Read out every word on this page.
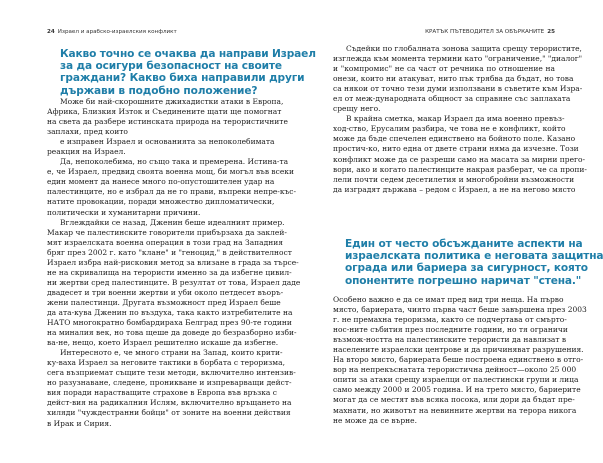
24 Израел и арабско-израелския конфликт
Какво точно се очаква да направи Израел
за да осигури безопасност на своите
граждани? Какво биха направили други
държави в подобно положение?
Може би най-скорошните джихадистки атаки в Европа,
Африка, Близкия Изток и Съединените щати ще помогнат
на света да разбере истинската природа на терористичните
заплахи, пред които
е изправен Израел и основанията за непоколебимата
реакция на Израел.
Да, непоколебима, но също така и премерена. Истина-та
е, че Израел, предвид своята военна мощ, би могъл във всеки
един момент да нанесе много по-опустошителен удар на
палестинците, но е избрал да не го прави, въпреки непре-къс-
натите провокации, поради множество дипломатически,
политически и хуманитарни причини.
Вглеждайки се назад, Дженин беше идеалният пример.
Макар че палестинските говорители прибързаха да заклей-
мят израелската военна операция в този град на Западния
бряг през 2002 г. като "клане" и "геноцид," в действителност
Израел избра най-рисковия метод за влизане в града за търсе-
не на скривалища на терористи именно за да избегне цивил-
ни жертви сред палестинците. В резултат от това, Израел даде
двадесет и три военни жертви и уби около петдесет въоръ-
жени палестинци. Другата възможност пред Израел беше
да ата-кува Дженин по въздуха, така както изтребителите на
НАТО многократно бомбардираха Белград през 90-те години
на миналия век, но това щеше да доведе до безразборно изби-
ва-не, нещо, което Израел решително искаше да избегне.
Интересното е, че много страни на Запад, които крити-
ку-ваха Израел за неговите тактики в борбата с тероризма,
сега възприемат същите тези методи, включително интензив-
но разузнаване, следене, проникване и изпреварващи дейст-
вия поради нарастващите страхове в Европа във връзка с
дейст-вия на радикалния Ислям, включително връщането на
хиляди "чуждестранни бойци" от зоните на военни действия
в Ирак и Сирия.
КРАТЪК ПЪТЕВОДИТЕЛ ЗА ОБЪРКАНИТЕ 25
Съдейки по глобалната зонова защита срещу терористите,
изглежда към момента термини като "ограничение," "диалог"
и "компромис" не са част от речника по отношение на
онези, които ни атакуват, нито пък трябва да бъдат, но това
са някои от точно тези думи използвани в съветите към Изра-
ел от меж-дународната общност за справяне със заплахата
срещу него.
В крайна сметка, макар Израел да има военно превъз-
ход-ство, Ерусалим разбира, че това не е конфликт, който
може да бъде спечелен единствено на бойното поле. Казано
простич-ко, нито една от двете страни няма да изчезне. Този
конфликт може да се разреши само на масата за мирни прего-
вори, ако и когато палестинците накрая разберат, че са пропи-
лели почти седем десетилетия и многобройни възможности
да изградят държава – редом с Израел, а не на негово място
Един от често обсъжданите аспекти на
израелската политика е неговата защитна
ограда или бариера за сигурност, която
опонентите погрешно наричат "стена."
Особено важно е да се имат пред вид три неща. На първо
място, бариерата, чиято първа част беше завършена през 2003
г. не премахна тероризма, както се подчертава от смърто-
нос-ните събития през последните години, но тя ограничи
възмож-ността на палестинските терористи да навлизат в
населените израелски центрове и да причиняват разрушения.
На второ място, бариерата беше построена единствено в отго-
вор на непрекъснатата терористична дейност—около 25 000
опити за атаки срещу израелци от палестински групи и лица
само между 2000 и 2005 година. И на трето място, бариерите
могат да се местят във всяка посока, или дори да бъдат пре-
махнати, но животът на невинните жертви на терора никога
не може да се върне.
